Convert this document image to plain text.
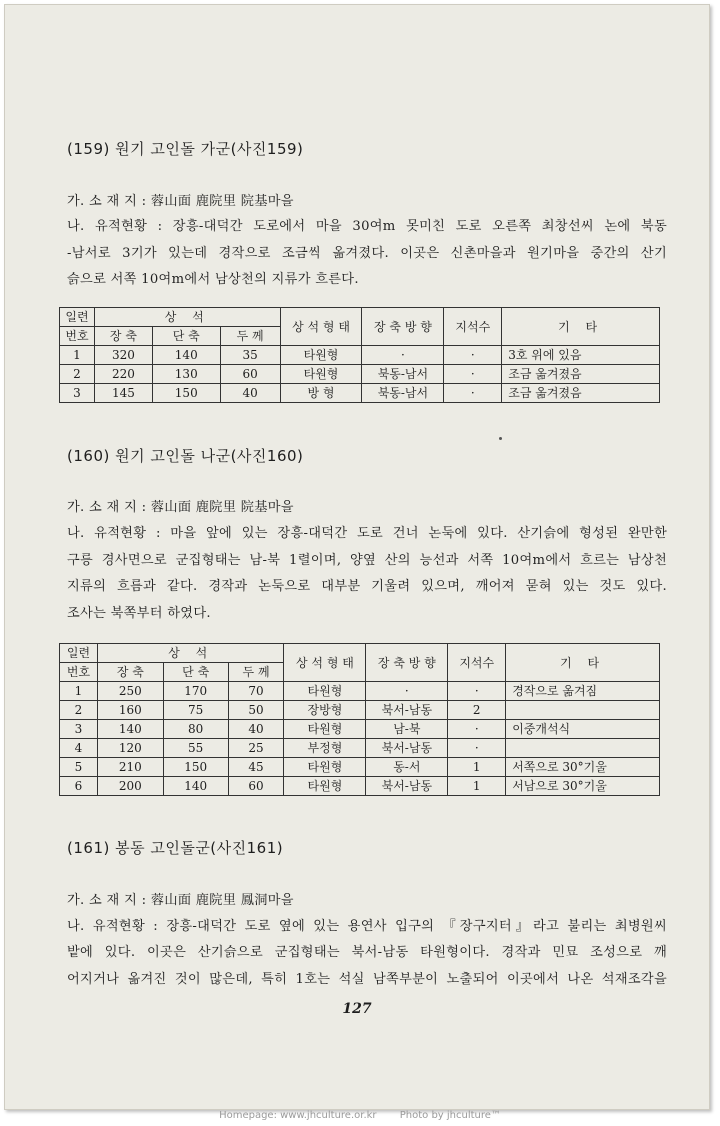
(159) 원기 고인돌 가군(사진159)
가. 소 재 지 : 蓉山面 鹿院里 院基마을
나. 유적현황 : 장흥-대덕간 도로에서 마을 30여m 못미친 도로 오른쪽 최창선씨 논에 북동
-남서로 3기가 있는데 경작으로 조금씩 옮겨졌다. 이곳은 신촌마을과 원기마을 중간의 산기
슭으로 서쪽 10여m에서 남상천의 지류가 흐른다.
일련	상 석			상 석 형 태	장 축 방 향	지석수	기 타
번호	장 축	단 축	두 께				
1	320	140	35	타원형	·	·	3호 위에 있음
2	220	130	60	타원형	북동-남서	·	조금 옮겨졌음
3	145	150	40	방 형	북동-남서	·	조금 옮겨졌음
(160) 원기 고인돌 나군(사진160)
가. 소 재 지 : 蓉山面 鹿院里 院基마을
나. 유적현황 : 마을 앞에 있는 장흥-대덕간 도로 건너 논둑에 있다. 산기슭에 형성된 완만한
구릉 경사면으로 군집형태는 남-북 1렬이며, 양옆 산의 능선과 서쪽 10여m에서 흐르는 남상천
지류의 흐름과 같다. 경작과 논둑으로 대부분 기울려 있으며, 깨어져 묻혀 있는 것도 있다.
조사는 북쪽부터 하였다.
일련	상 석			상 석 형 태	장 축 방 향	지석수	기 타
번호	장 축	단 축	두 께				
1	250	170	70	타원형	·	·	경작으로 옮겨짐
2	160	75	50	장방형	북서-남동	2	
3	140	80	40	타원형	남-북	·	이중개석식
4	120	55	25	부정형	북서-남동	·	
5	210	150	45	타원형	동-서	1	서쪽으로 30°기울
6	200	140	60	타원형	북서-남동	1	서남으로 30°기울
(161) 봉동 고인돌군(사진161)
가. 소 재 지 : 蓉山面 鹿院里 鳳洞마을
나. 유적현황 : 장흥-대덕간 도로 옆에 있는 용연사 입구의 『장구지터』라고 불리는 최병원씨
밭에 있다. 이곳은 산기슭으로 군집형태는 북서-남동 타원형이다. 경작과 민묘 조성으로 깨
어지거나 옮겨진 것이 많은데, 특히 1호는 석실 남쪽부분이 노출되어 이곳에서 나온 석재조각을
127
Homepage: www.jhculture.or.kr Photo by jhculture™
